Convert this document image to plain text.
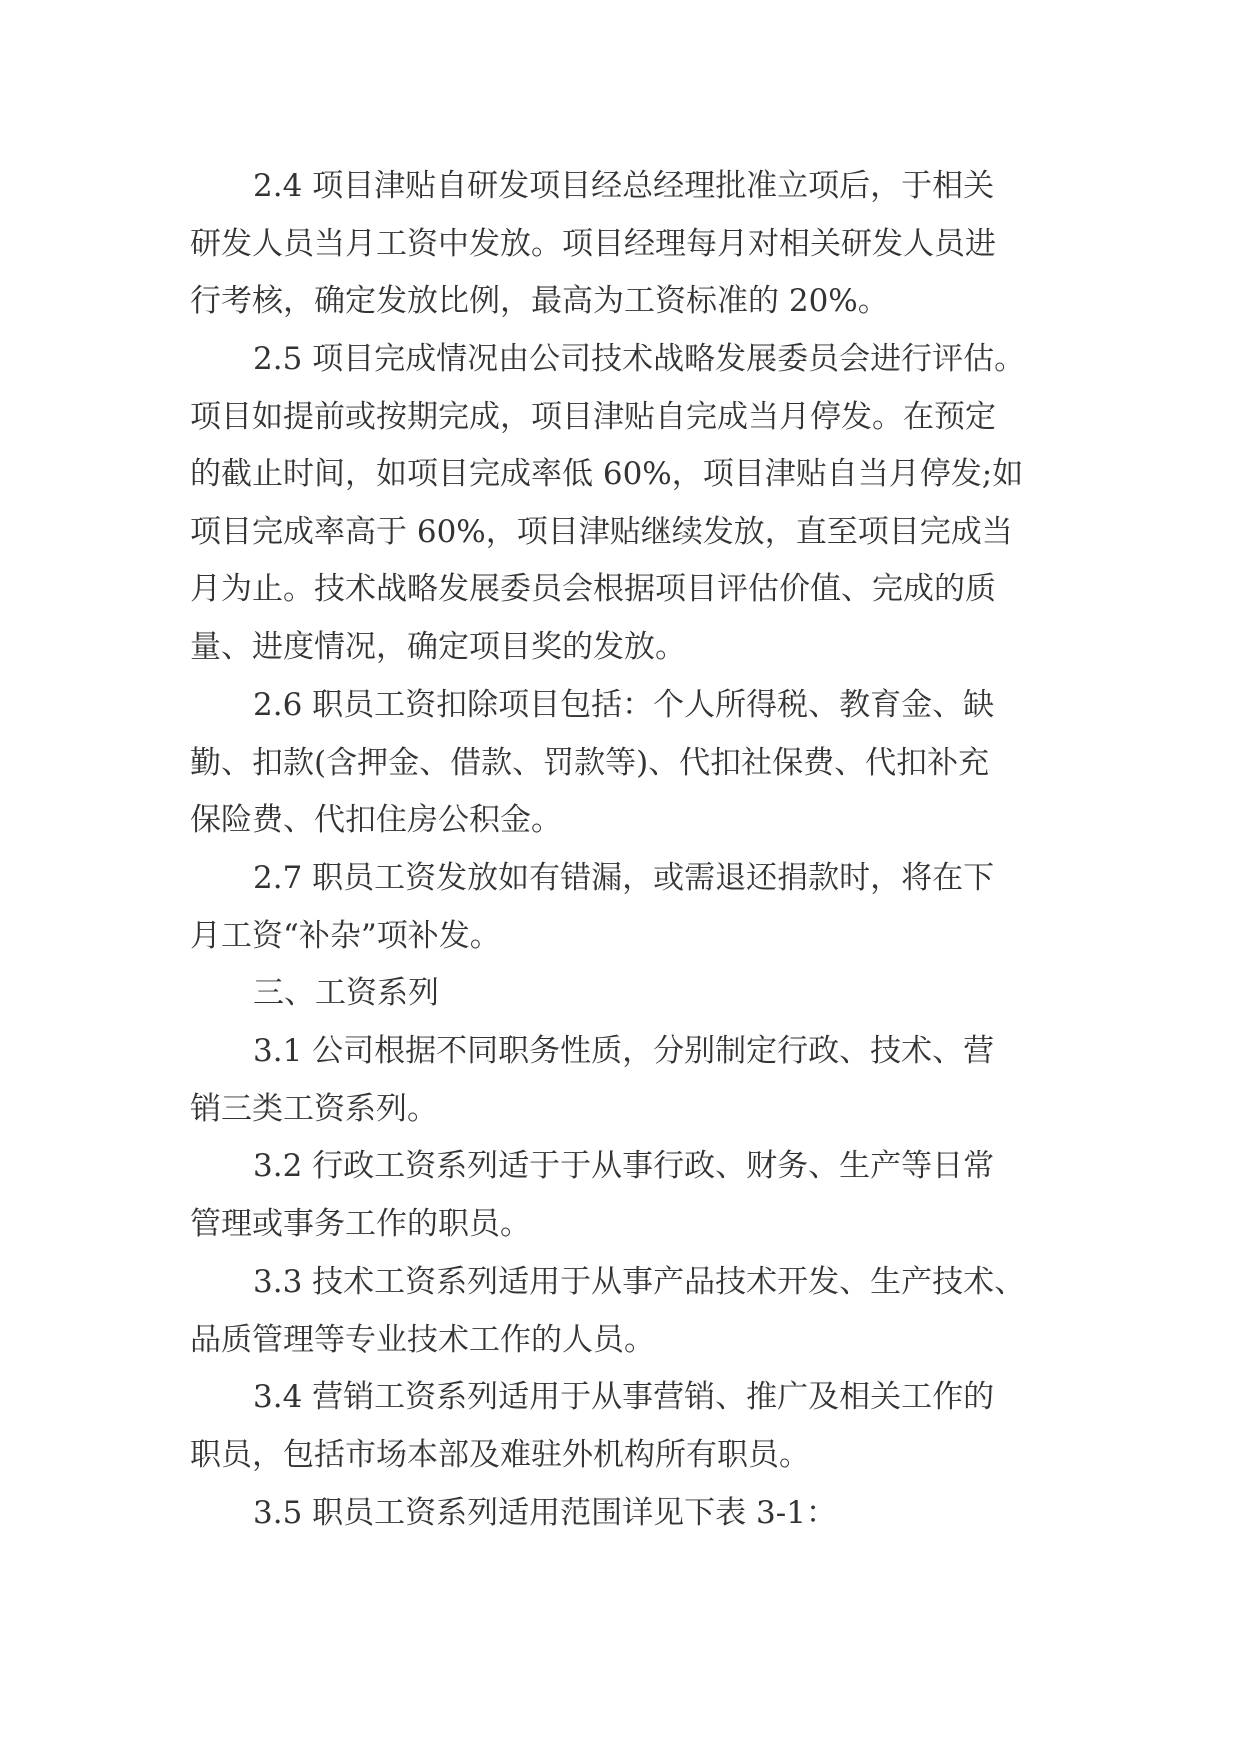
2.4 项目津贴自研发项目经总经理批准立项后，于相关
研发人员当月工资中发放。项目经理每月对相关研发人员进
行考核，确定发放比例，最高为工资标准的 20%。
2.5 项目完成情况由公司技术战略发展委员会进行评估。
项目如提前或按期完成，项目津贴自完成当月停发。在预定
的截止时间，如项目完成率低 60%，项目津贴自当月停发;如
项目完成率高于 60%，项目津贴继续发放，直至项目完成当
月为止。技术战略发展委员会根据项目评估价值、完成的质
量、进度情况，确定项目奖的发放。
2.6 职员工资扣除项目包括：个人所得税、教育金、缺
勤、扣款(含押金、借款、罚款等)、代扣社保费、代扣补充
保险费、代扣住房公积金。
2.7 职员工资发放如有错漏，或需退还捐款时，将在下
月工资“补杂”项补发。
三、工资系列
3.1 公司根据不同职务性质，分别制定行政、技术、营
销三类工资系列。
3.2 行政工资系列适于于从事行政、财务、生产等日常
管理或事务工作的职员。
3.3 技术工资系列适用于从事产品技术开发、生产技术、
品质管理等专业技术工作的人员。
3.4 营销工资系列适用于从事营销、推广及相关工作的
职员，包括市场本部及难驻外机构所有职员。
3.5 职员工资系列适用范围详见下表 3-1：
